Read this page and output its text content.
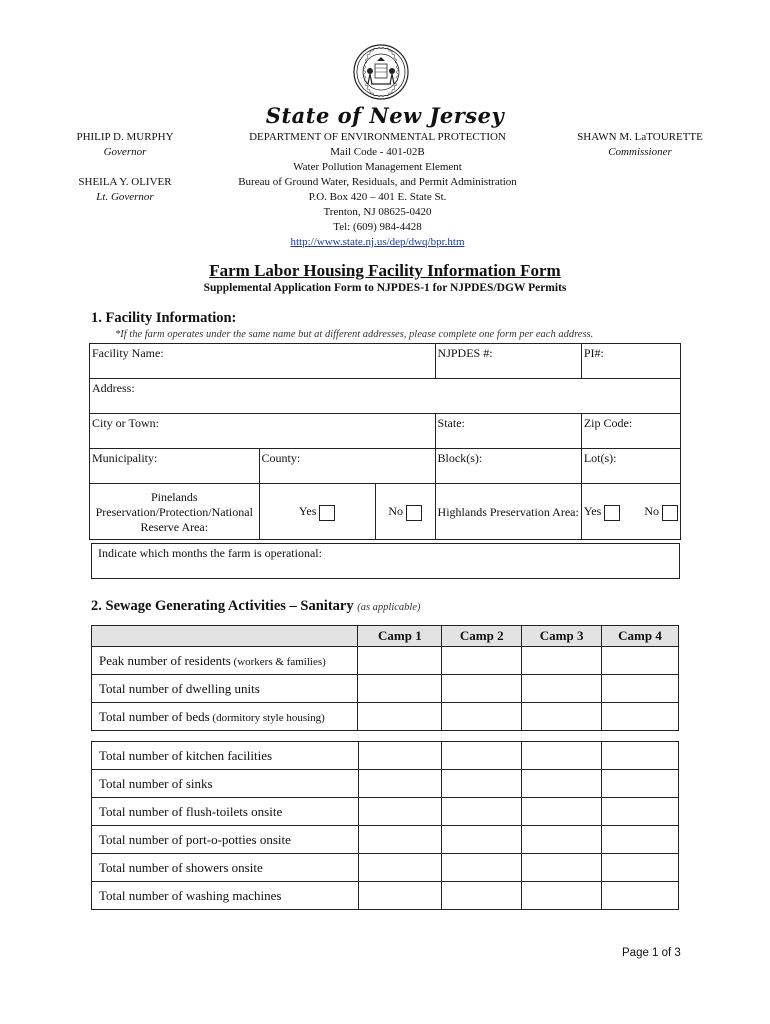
State of New Jersey
PHILIP D. MURPHY
Governor
SHEILA Y. OLIVER
Lt. Governor
DEPARTMENT OF ENVIRONMENTAL PROTECTION
Mail Code - 401-02B
Water Pollution Management Element
Bureau of Ground Water, Residuals, and Permit Administration
P.O. Box 420 – 401 E. State St.
Trenton, NJ 08625-0420
Tel: (609) 984-4428
http://www.state.nj.us/dep/dwq/bpr.htm
SHAWN M. LaTOURETTE
Commissioner
Farm Labor Housing Facility Information Form
Supplemental Application Form to NJPDES-1 for NJPDES/DGW Permits
1. Facility Information:
*If the farm operates under the same name but at different addresses, please complete one form per each address.
Facility Name:			NJPDES #:	PI#:
Address:				
City or Town:			State:	Zip Code:
Municipality:	County:		Block(s):	Lot(s):

Pinelands
Preservation/Protection/National
Reserve Area:	Yes	No	Highlands Preservation Area:	Yes No
Indicate which months the farm is operational:
2. Sewage Generating Activities – Sanitary (as applicable)
	Camp 1	Camp 2	Camp 3	Camp 4
Peak number of residents (workers & families)				
Total number of dwelling units				
Total number of beds (dormitory style housing)				
Total number of kitchen facilities				
Total number of sinks				
Total number of flush-toilets onsite				
Total number of port-o-potties onsite				
Total number of showers onsite				
Total number of washing machines				
Page 1 of 3
